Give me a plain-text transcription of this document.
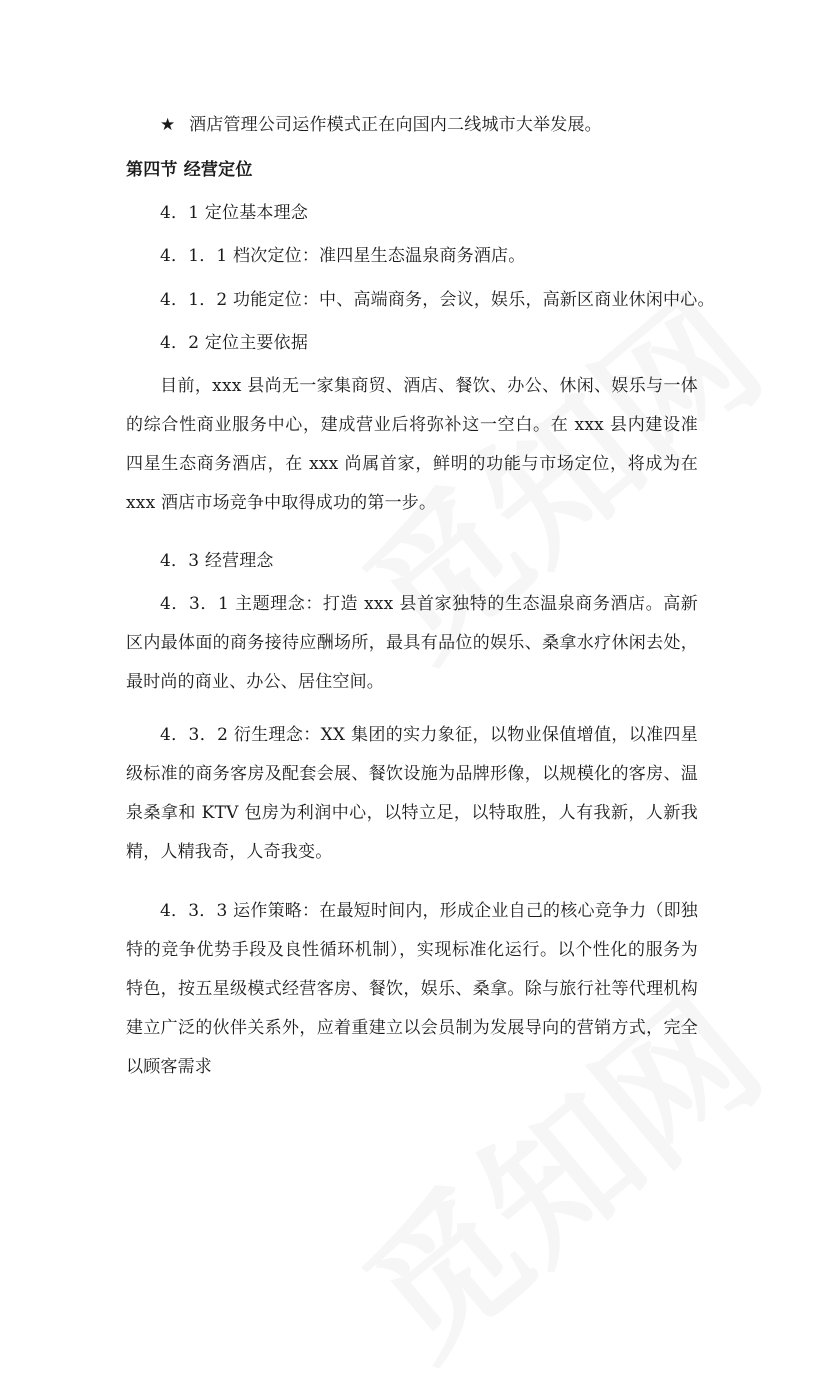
★ 酒店管理公司运作模式正在向国内二线城市大举发展。
第四节 经营定位
4．1 定位基本理念
4．1．1 档次定位：准四星生态温泉商务酒店。
4．1．2 功能定位：中、高端商务，会议，娱乐，高新区商业休闲中心。
4．2 定位主要依据
目前，xxx 县尚无一家集商贸、酒店、餐饮、办公、休闲、娱乐与一体的综合性商业服务中心，建成营业后将弥补这一空白。在 xxx 县内建设准四星生态商务酒店，在 xxx 尚属首家，鲜明的功能与市场定位，将成为在 xxx 酒店市场竞争中取得成功的第一步。
4．3 经营理念
4．3．1 主题理念：打造 xxx 县首家独特的生态温泉商务酒店。高新区内最体面的商务接待应酬场所，最具有品位的娱乐、桑拿水疗休闲去处，最时尚的商业、办公、居住空间。
4．3．2 衍生理念：XX 集团的实力象征，以物业保值增值，以准四星级标准的商务客房及配套会展、餐饮设施为品牌形像，以规模化的客房、温泉桑拿和 KTV 包房为利润中心，以特立足，以特取胜，人有我新，人新我精，人精我奇，人奇我变。
4．3．3 运作策略：在最短时间内，形成企业自己的核心竞争力（即独特的竞争优势手段及良性循环机制），实现标准化运行。以个性化的服务为特色，按五星级模式经营客房、餐饮，娱乐、桑拿。除与旅行社等代理机构建立广泛的伙伴关系外，应着重建立以会员制为发展导向的营销方式，完全以顾客需求
